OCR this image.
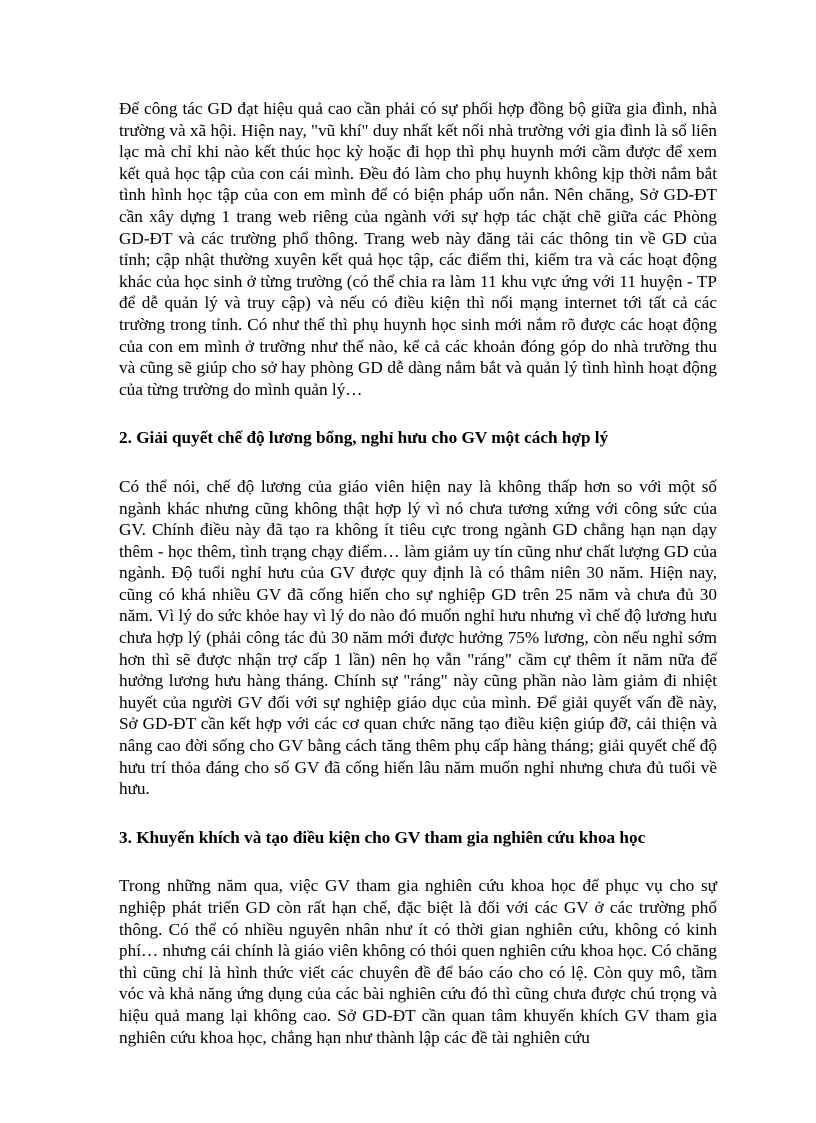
Để công tác GD đạt hiệu quả cao cần phải có sự phối hợp đồng bộ giữa gia đình, nhà trường và xã hội. Hiện nay, "vũ khí" duy nhất kết nối nhà trường với gia đình là sổ liên lạc mà chỉ khi nào kết thúc học kỳ hoặc đi họp thì phụ huynh mới cầm được để xem kết quả học tập của con cái mình. Đều đó làm cho phụ huynh không kịp thời nắm bắt tình hình học tập của con em mình để có biện pháp uốn nắn. Nên chăng, Sở GD-ĐT cần xây dựng 1 trang web riêng của ngành với sự hợp tác chặt chẽ giữa các Phòng GD-ĐT và các trường phổ thông. Trang web này đăng tải các thông tin về GD của tỉnh; cập nhật thường xuyên kết quả học tập, các điểm thi, kiểm tra và các hoạt động khác của học sinh ở từng trường (có thể chia ra làm 11 khu vực ứng với 11 huyện - TP để dễ quản lý và truy cập) và nếu có điều kiện thì nối mạng internet tới tất cả các trường trong tỉnh. Có như thế thì phụ huynh học sinh mới nắm rõ được các hoạt động của con em mình ở trường như thế nào, kể cả các khoản đóng góp do nhà trường thu và cũng sẽ giúp cho sở hay phòng GD dễ dàng nắm bắt và quản lý tình hình hoạt động của từng trường do mình quản lý…

2. Giải quyết chế độ lương bổng, nghỉ hưu cho GV một cách hợp lý

Có thể nói, chế độ lương của giáo viên hiện nay là không thấp hơn so với một số ngành khác nhưng cũng không thật hợp lý vì nó chưa tương xứng với công sức của GV. Chính điều này đã tạo ra không ít tiêu cực trong ngành GD chẳng hạn nạn dạy thêm - học thêm, tình trạng chạy điểm… làm giảm uy tín cũng như chất lượng GD của ngành. Độ tuổi nghỉ hưu của GV được quy định là có thâm niên 30 năm. Hiện nay, cũng có khá nhiều GV đã cống hiến cho sự nghiệp GD trên 25 năm và chưa đủ 30 năm. Vì lý do sức khỏe hay vì lý do nào đó muốn nghỉ hưu nhưng vì chế độ lương hưu chưa hợp lý (phải công tác đủ 30 năm mới được hưởng 75% lương, còn nếu nghỉ sớm hơn thì sẽ được nhận trợ cấp 1 lần) nên họ vẫn "ráng" cầm cự thêm ít năm nữa để hưởng lương hưu hàng tháng. Chính sự "ráng" này cũng phần nào làm giảm đi nhiệt huyết của người GV đối với sự nghiệp giáo dục của mình. Để giải quyết vấn đề này, Sở GD-ĐT cần kết hợp với các cơ quan chức năng tạo điều kiện giúp đỡ, cải thiện và nâng cao đời sống cho GV bằng cách tăng thêm phụ cấp hàng tháng; giải quyết chế độ hưu trí thỏa đáng cho số GV đã cống hiến lâu năm muốn nghỉ nhưng chưa đủ tuổi về hưu.

3. Khuyến khích và tạo điều kiện cho GV tham gia nghiên cứu khoa học

Trong những năm qua, việc GV tham gia nghiên cứu khoa học để phục vụ cho sự nghiệp phát triển GD còn rất hạn chế, đặc biệt là đối với các GV ở các trường phổ thông. Có thể có nhiều nguyên nhân như ít có thời gian nghiên cứu, không có kinh phí… nhưng cái chính là giáo viên không có thói quen nghiên cứu khoa học. Có chăng thì cũng chỉ là hình thức viết các chuyên đề để báo cáo cho có lệ. Còn quy mô, tầm vóc và khả năng ứng dụng của các bài nghiên cứu đó thì cũng chưa được chú trọng và hiệu quả mang lại không cao. Sở GD-ĐT cần quan tâm khuyến khích GV tham gia nghiên cứu khoa học, chẳng hạn như thành lập các đề tài nghiên cứu
